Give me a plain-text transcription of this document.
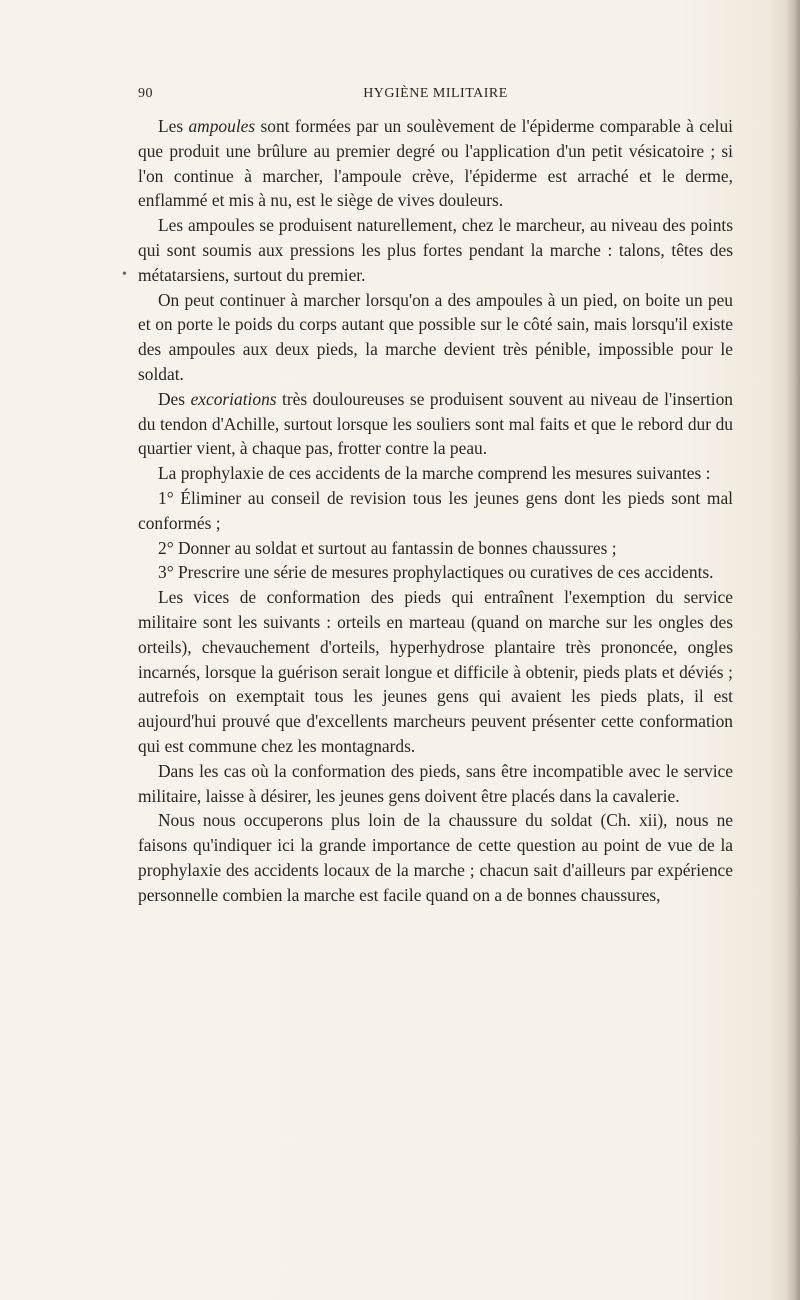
90	HYGIÈNE MILITAIRE
•

Les ampoules sont formées par un soulèvement de l'épiderme comparable à celui que produit une brûlure au premier degré ou l'application d'un petit vésicatoire ; si l'on continue à marcher, l'ampoule crève, l'épiderme est arraché et le derme, enflammé et mis à nu, est le siège de vives douleurs.

Les ampoules se produisent naturellement, chez le marcheur, au niveau des points qui sont soumis aux pressions les plus fortes pendant la marche : talons, têtes des métatarsiens, surtout du premier.

On peut continuer à marcher lorsqu'on a des ampoules à un pied, on boite un peu et on porte le poids du corps autant que possible sur le côté sain, mais lorsqu'il existe des ampoules aux deux pieds, la marche devient très pénible, impossible pour le soldat.

Des excoriations très douloureuses se produisent souvent au niveau de l'insertion du tendon d'Achille, surtout lorsque les souliers sont mal faits et que le rebord dur du quartier vient, à chaque pas, frotter contre la peau.

La prophylaxie de ces accidents de la marche comprend les mesures suivantes :

1° Éliminer au conseil de revision tous les jeunes gens dont les pieds sont mal conformés ;

2° Donner au soldat et surtout au fantassin de bonnes chaussures ;

3° Prescrire une série de mesures prophylactiques ou curatives de ces accidents.

Les vices de conformation des pieds qui entraînent l'exemption du service militaire sont les suivants : orteils en marteau (quand on marche sur les ongles des orteils), chevauchement d'orteils, hyperhydrose plantaire très prononcée, ongles incarnés, lorsque la guérison serait longue et difficile à obtenir, pieds plats et déviés ; autrefois on exemptait tous les jeunes gens qui avaient les pieds plats, il est aujourd'hui prouvé que d'excellents marcheurs peuvent présenter cette conformation qui est commune chez les montagnards.

Dans les cas où la conformation des pieds, sans être incompatible avec le service militaire, laisse à désirer, les jeunes gens doivent être placés dans la cavalerie.

Nous nous occuperons plus loin de la chaussure du soldat (Ch. xii), nous ne faisons qu'indiquer ici la grande importance de cette question au point de vue de la prophylaxie des accidents locaux de la marche ; chacun sait d'ailleurs par expérience personnelle combien la marche est facile quand on a de bonnes chaussures,
